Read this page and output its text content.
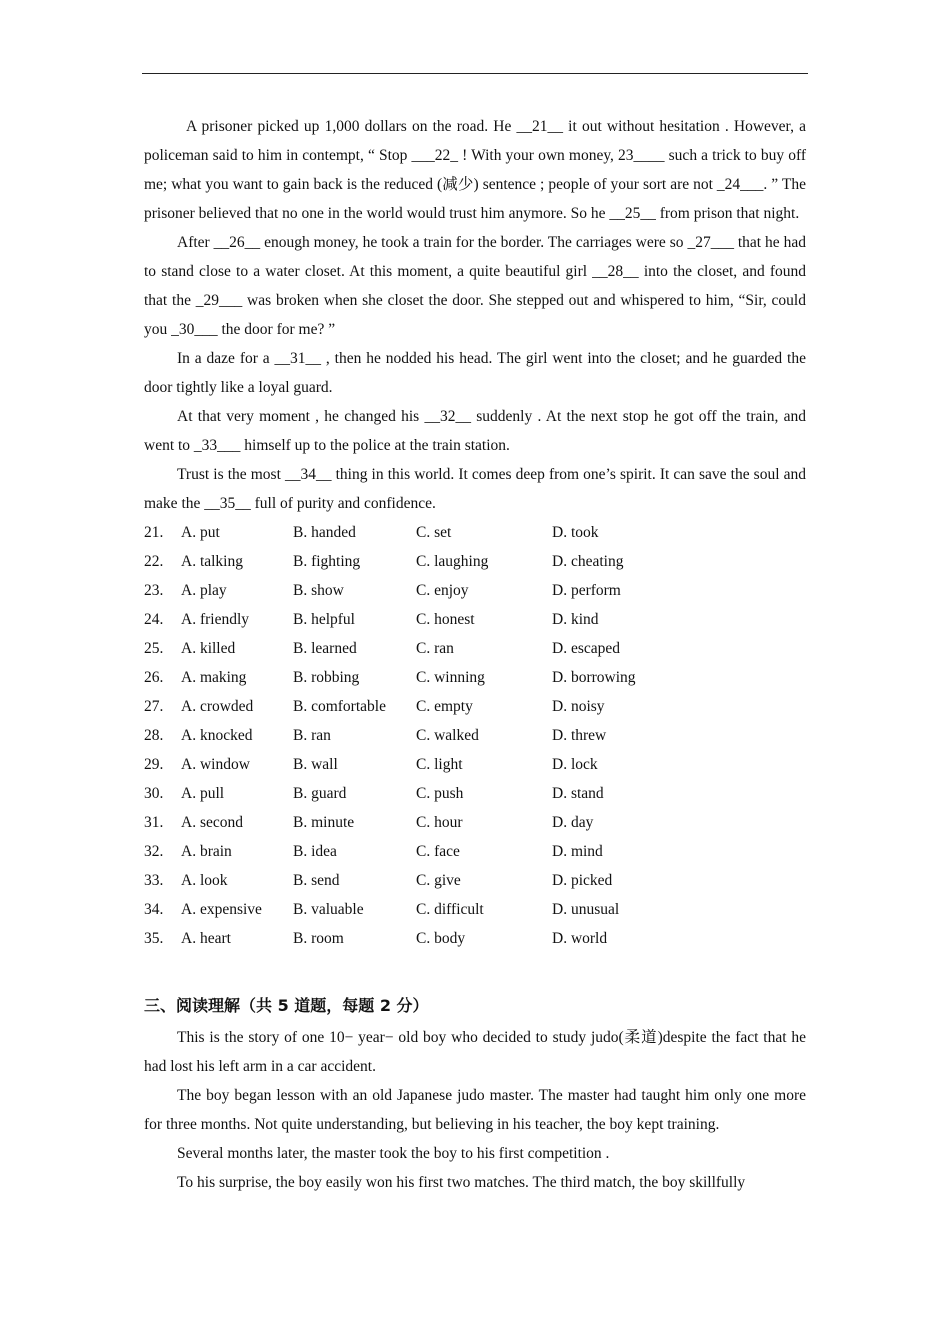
A prisoner picked up 1,000 dollars on the road. He __21__ it out without hesitation . However, a policeman said to him in contempt, “ Stop ___22_ ! With your own money, 23____ such a trick to buy off me; what you want to gain back is the reduced (减少) sentence ; people of your sort are not _24___. ” The prisoner believed that no one in the world would trust him anymore. So he __25__ from prison that night.

After __26__ enough money, he took a train for the border. The carriages were so _27___ that he had to stand close to a water closet. At this moment, a quite beautiful girl __28__ into the closet, and found that the _29___ was broken when she closet the door. She stepped out and whispered to him, “Sir, could you _30___ the door for me? ”

In a daze for a __31__ , then he nodded his head. The girl went into the closet; and he guarded the door tightly like a loyal guard.

At that very moment , he changed his __32__ suddenly . At the next stop he got off the train, and went to _33___ himself up to the police at the train station.

Trust is the most __34__ thing in this world. It comes deep from one’s spirit. It can save the soul and make the __35__ full of purity and confidence.

21. A. put	B. handed	C. set	D. took
22. A. talking	B. fighting	C. laughing	D. cheating
23. A. play	B. show	C. enjoy	D. perform
24. A. friendly	B. helpful	C. honest	D. kind
25. A. killed	B. learned	C. ran	D. escaped
26. A. making	B. robbing	C. winning	D. borrowing
27. A. crowded	B. comfortable C. empty	D. noisy
28. A. knocked	B. ran	C. walked	D. threw
29. A. window	B. wall	C. light	D. lock
30. A. pull	B. guard	C. push	D. stand
31. A. second	B. minute	C. hour	D. day
32. A. brain	B. idea	C. face	D. mind
33. A. look	B. send	C. give	D. picked
34. A. expensive B. valuable	C. difficult	D. unusual
35. A. heart	B. room	C. body	D. world
三、阅读理解（共 5 道题，每题 2 分）

This is the story of one 10− year− old boy who decided to study judo(柔道)despite the fact that he had lost his left arm in a car accident.

The boy began lesson with an old Japanese judo master. The master had taught him only one more for three months. Not quite understanding, but believing in his teacher, the boy kept training.

Several months later, the master took the boy to his first competition .

To his surprise, the boy easily won his first two matches. The third match, the boy skillfully
